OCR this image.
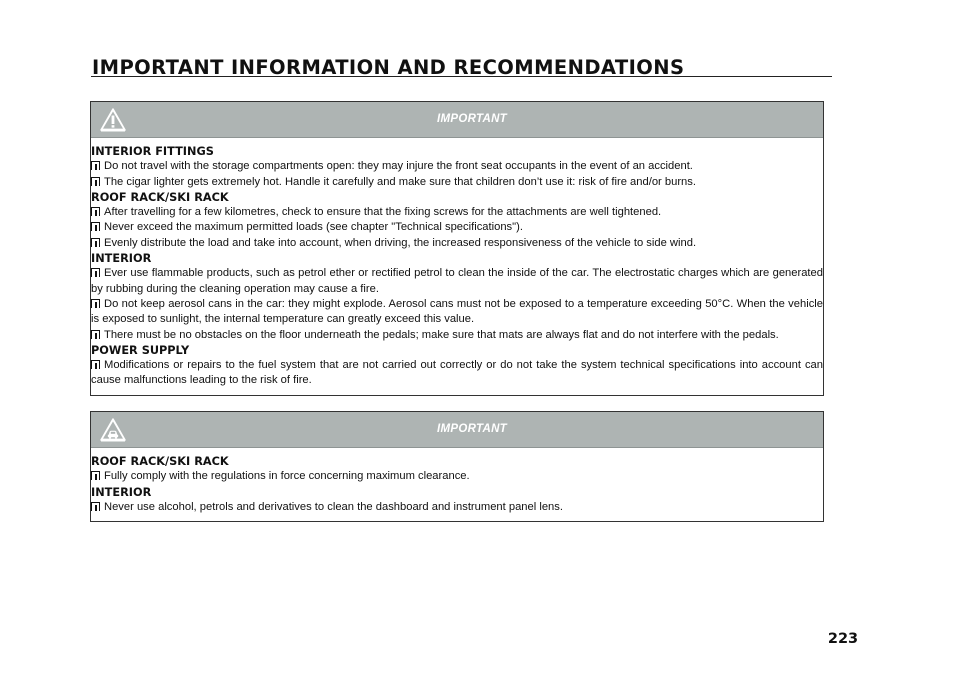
IMPORTANT INFORMATION AND RECOMMENDATIONS
IMPORTANT

INTERIOR FITTINGS

Do not travel with the storage compartments open: they may injure the front seat occupants in the event of an accident.

The cigar lighter gets extremely hot. Handle it carefully and make sure that children don’t use it: risk of fire and/or burns.

ROOF RACK/SKI RACK

After travelling for a few kilometres, check to ensure that the fixing screws for the attachments are well tightened.

Never exceed the maximum permitted loads (see chapter "Technical specifications").

Evenly distribute the load and take into account, when driving, the increased responsiveness of the vehicle to side wind.

INTERIOR

Ever use flammable products, such as petrol ether or rectified petrol to clean the inside of the car. The electrostatic charges which are generated by rubbing during the cleaning operation may cause a fire.

Do not keep aerosol cans in the car: they might explode. Aerosol cans must not be exposed to a temperature exceeding 50°C. When the vehicle is exposed to sunlight, the internal temperature can greatly exceed this value.

There must be no obstacles on the floor underneath the pedals; make sure that mats are always flat and do not interfere with the pedals.

POWER SUPPLY

Modifications or repairs to the fuel system that are not carried out correctly or do not take the system technical specifications into account can cause malfunctions leading to the risk of fire.

IMPORTANT

ROOF RACK/SKI RACK

Fully comply with the regulations in force concerning maximum clearance.

INTERIOR

Never use alcohol, petrols and derivatives to clean the dashboard and instrument panel lens.

223
